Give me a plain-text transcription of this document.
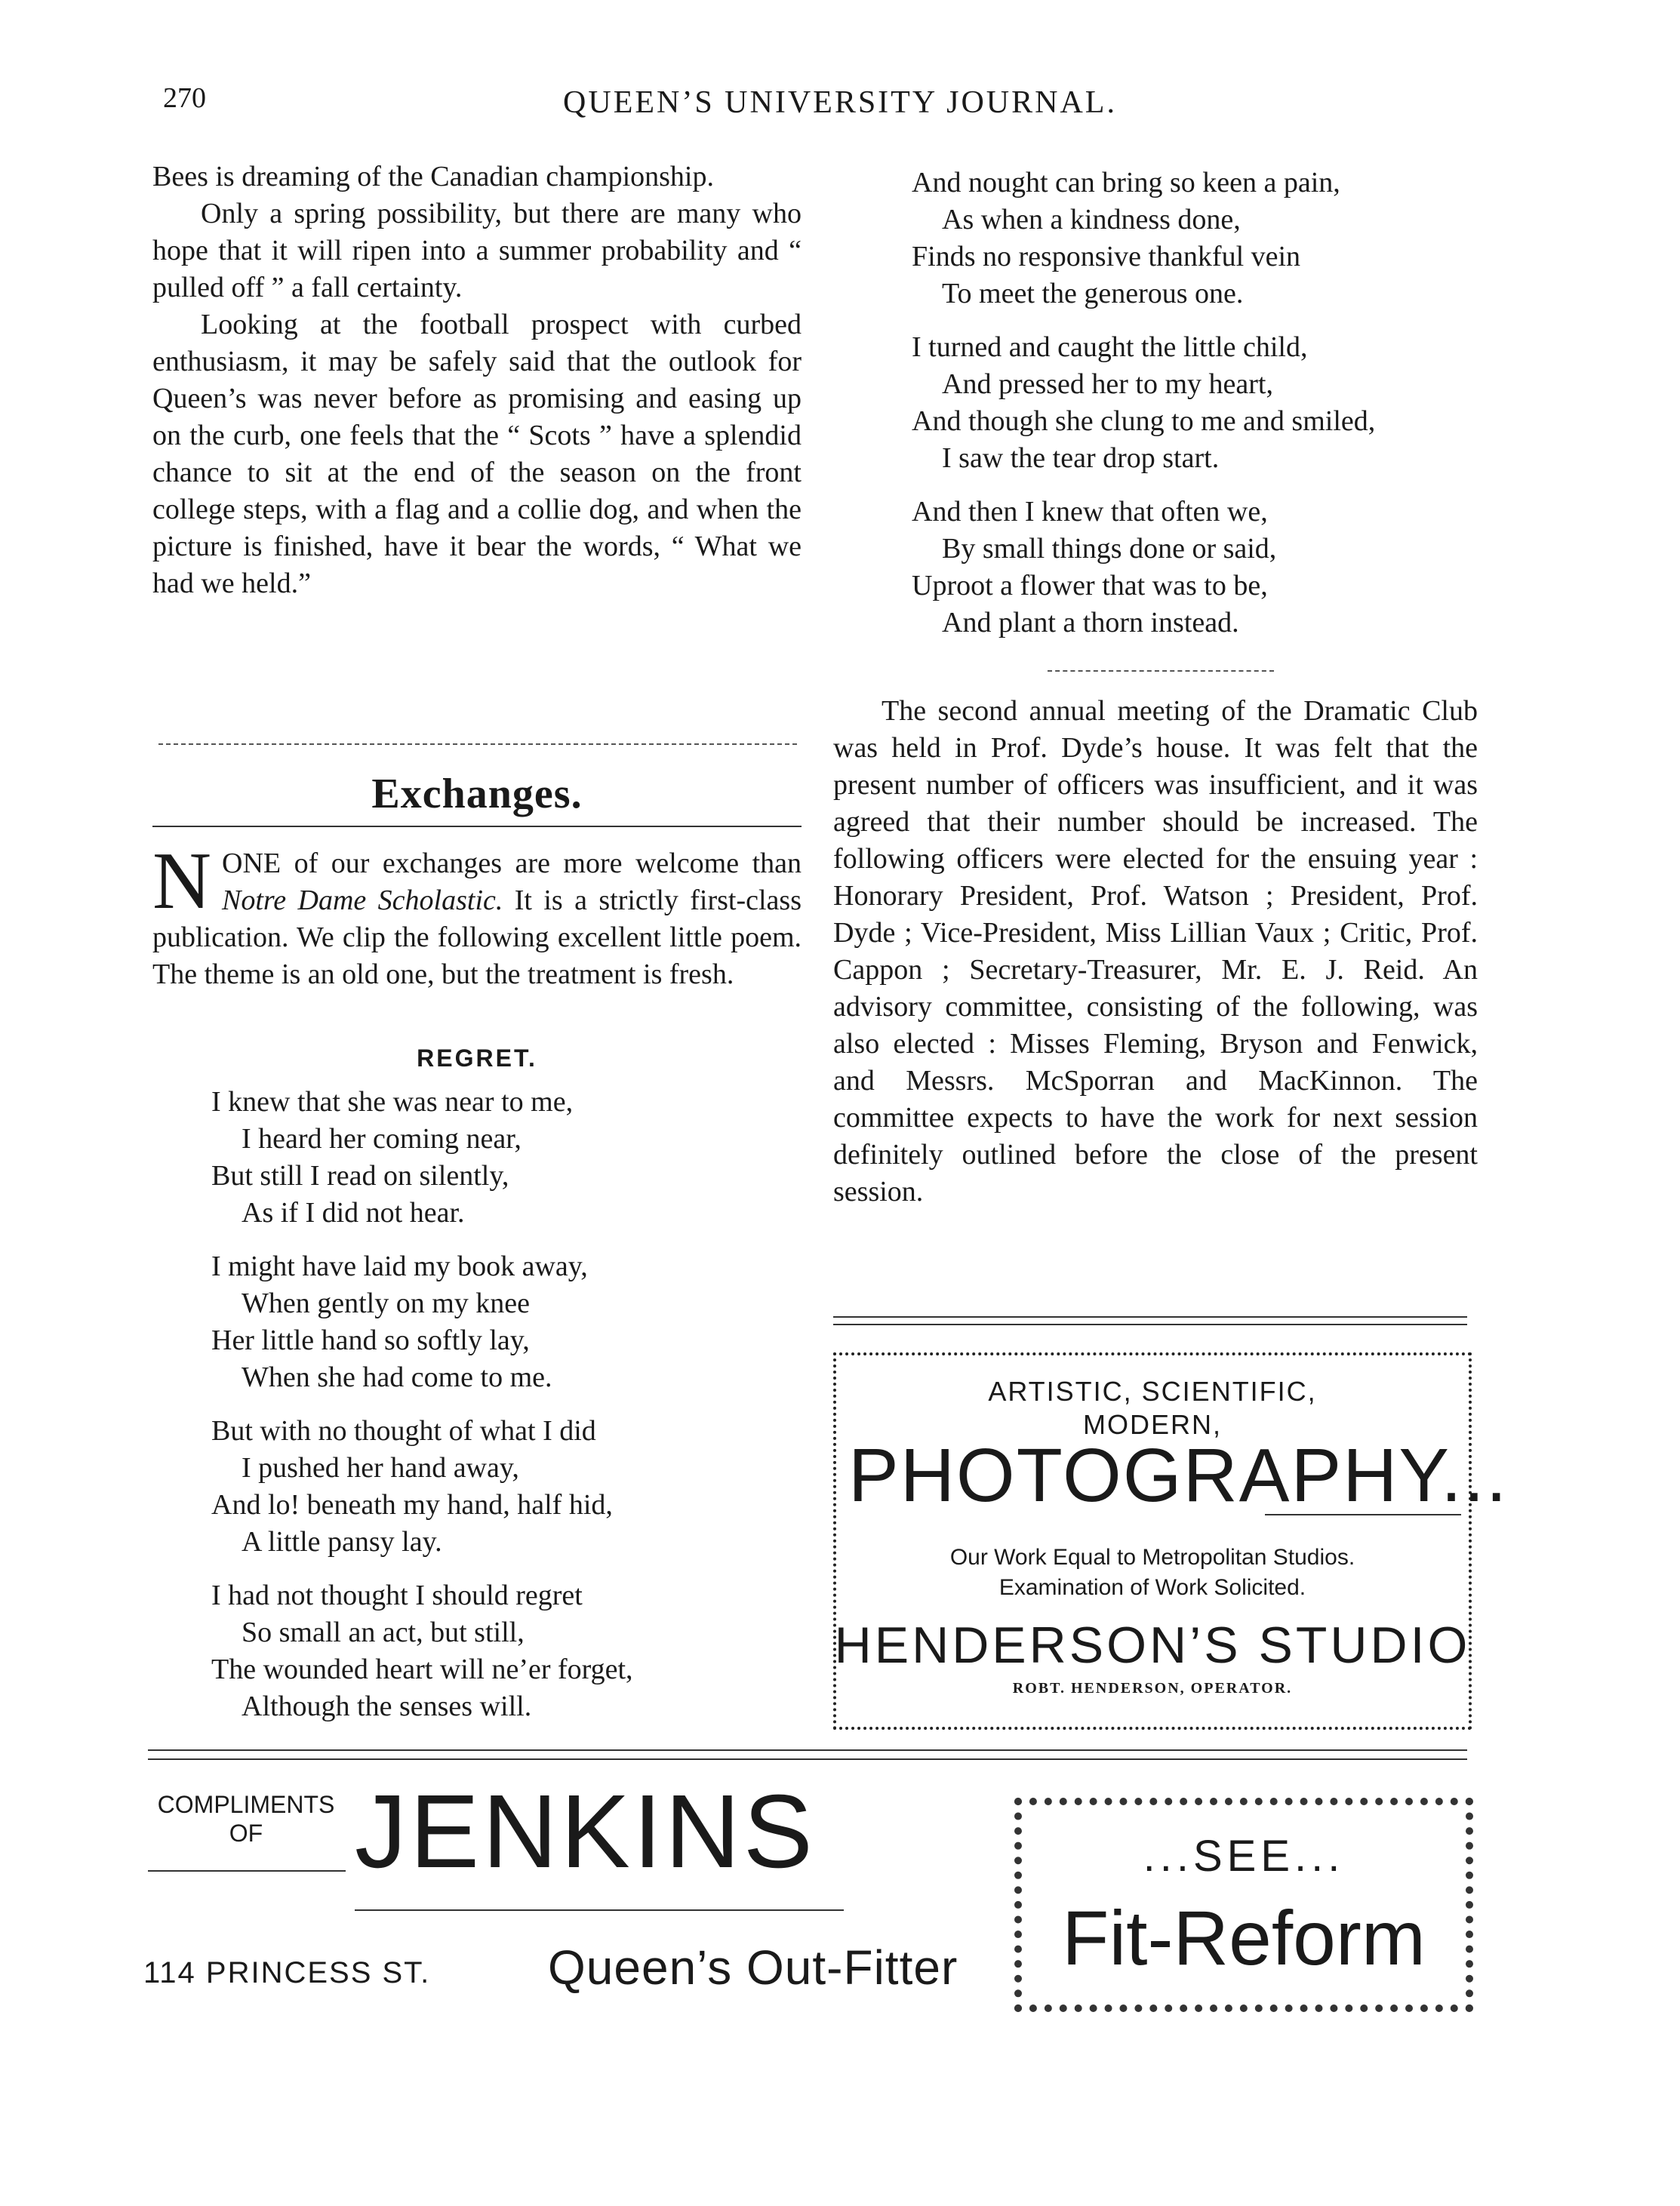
270	QUEEN’S UNIVERSITY JOURNAL.

Bees is dreaming of the Canadian championship.

Only a spring possibility, but there are many who hope that it will ripen into a summer probability and “ pulled off ” a fall certainty.

Looking at the football prospect with curbed enthusiasm, it may be safely said that the outlook for Queen’s was never before as promising and easing up on the curb, one feels that the “ Scots ” have a splendid chance to sit at the end of the season on the front college steps, with a flag and a collie dog, and when the picture is finished, have it bear the words, “ What we had we held.”

Exchanges.
NONE of our exchanges are more welcome than Notre Dame Scholastic. It is a strictly first-class publication. We clip the following excellent little poem. The theme is an old one, but the treatment is fresh.
REGRET.
I knew that she was near to me,
I heard her coming near,
But still I read on silently,
As if I did not hear.
I might have laid my book away,
When gently on my knee
Her little hand so softly lay,
When she had come to me.
But with no thought of what I did
I pushed her hand away,
And lo! beneath my hand, half hid,
A little pansy lay.
I had not thought I should regret
So small an act, but still,
The wounded heart will ne’er forget,
Although the senses will.
And nought can bring so keen a pain,
As when a kindness done,
Finds no responsive thankful vein
To meet the generous one.
I turned and caught the little child,
And pressed her to my heart,
And though she clung to me and smiled,
I saw the tear drop start.
And then I knew that often we,
By small things done or said,
Uproot a flower that was to be,
And plant a thorn instead.

The second annual meeting of the Dramatic Club was held in Prof. Dyde’s house. It was felt that the present number of officers was insufficient, and it was agreed that their number should be increased. The following officers were elected for the ensuing year : Honorary President, Prof. Watson ; President, Prof. Dyde ; Vice-President, Miss Lillian Vaux ; Critic, Prof. Cappon ; Secretary-Treasurer, Mr. E. J. Reid. An advisory committee, consisting of the following, was also elected : Misses Fleming, Bryson and Fenwick, and Messrs. McSporran and MacKinnon. The committee expects to have the work for next session definitely outlined before the close of the present session.

ARTISTIC, SCIENTIFIC,
MODERN,
PHOTOGRAPHY...
Our Work Equal to Metropolitan Studios.
Examination of Work Solicited.
HENDERSON’S STUDIO
ROBT. HENDERSON, OPERATOR.
COMPLIMENTS
OF JENKINS
114 PRINCESS ST. Queen’s Out-Fitter
...SEE...
Fit-Reform
